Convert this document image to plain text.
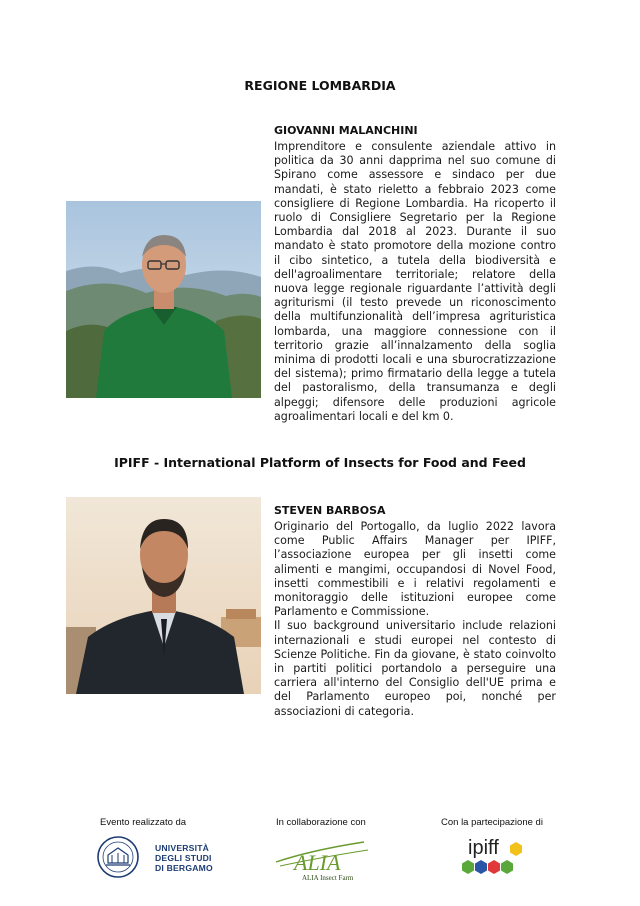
REGIONE LOMBARDIA
GIOVANNI MALANCHINI
Imprenditore e consulente aziendale attivo in politica da 30 anni dapprima nel suo comune di Spirano come assessore e sindaco per due mandati, è stato rieletto a febbraio 2023 come consigliere di Regione Lombardia. Ha ricoperto il ruolo di Consigliere Segretario per la Regione Lombardia dal 2018 al 2023. Durante il suo mandato è stato promotore della mozione contro il cibo sintetico, a tutela della biodiversità e dell'agroalimentare territoriale; relatore della nuova legge regionale riguardante l’attività degli agriturismi (il testo prevede un riconoscimento della multifunzionalità dell’impresa agrituristica lombarda, una maggiore connessione con il territorio grazie all’innalzamento della soglia minima di prodotti locali e una sburocratizzazione del sistema); primo firmatario della legge a tutela del pastoralismo, della transumanza e degli alpeggi; difensore delle produzioni agricole agroalimentari locali e del km 0.
IPIFF - International Platform of Insects for Food and Feed
STEVEN BARBOSA

Originario del Portogallo, da luglio 2022 lavora come Public Affairs Manager per IPIFF, l’associazione europea per gli insetti come alimenti e mangimi, occupandosi di Novel Food, insetti commestibili e i relativi regolamenti e monitoraggio delle istituzioni europee come Parlamento e Commissione.

Il suo background universitario include relazioni internazionali e studi europei nel contesto di Scienze Politiche. Fin da giovane, è stato coinvolto in partiti politici portandolo a perseguire una carriera all'interno del Consiglio dell'UE prima e del Parlamento europeo poi, nonché per associazioni di categoria.

Evento realizzato da	In collaborazione con	Con la partecipazione di
UNIVERSITÀ
DEGLI STUDI
DI BERGAMO	ALIA
ALIA Insect Farm
ipiff
